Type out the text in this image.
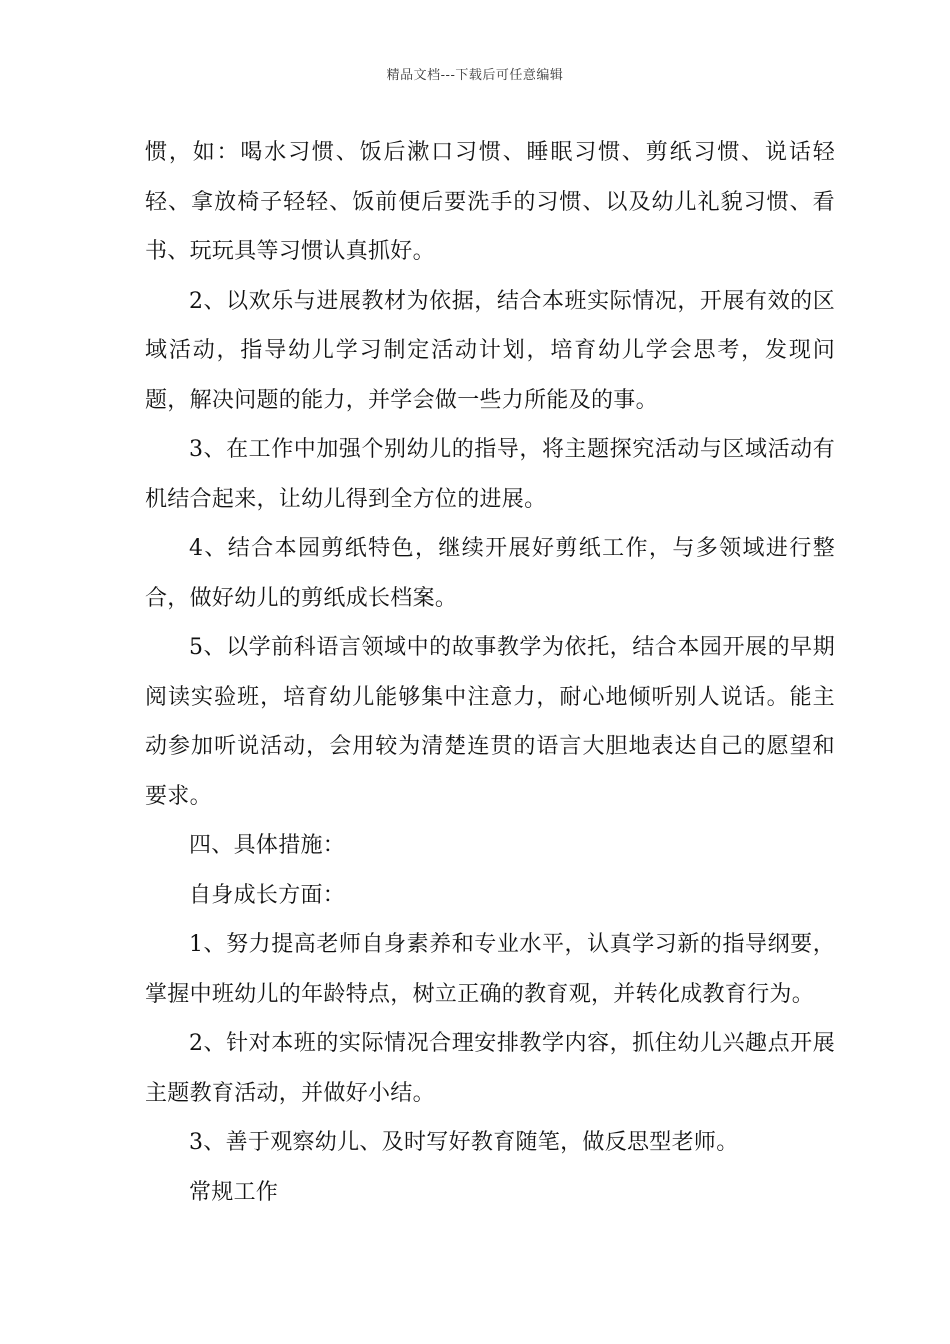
精品文档---下载后可任意编辑

惯，如：喝水习惯、饭后漱口习惯、睡眠习惯、剪纸习惯、说话轻轻、拿放椅子轻轻、饭前便后要洗手的习惯、以及幼儿礼貌习惯、看书、玩玩具等习惯认真抓好。

2、以欢乐与进展教材为依据，结合本班实际情况，开展有效的区域活动，指导幼儿学习制定活动计划，培育幼儿学会思考，发现问题，解决问题的能力，并学会做一些力所能及的事。

3、在工作中加强个别幼儿的指导，将主题探究活动与区域活动有机结合起来，让幼儿得到全方位的进展。

4、结合本园剪纸特色，继续开展好剪纸工作，与多领域进行整合，做好幼儿的剪纸成长档案。

5、以学前科语言领域中的故事教学为依托，结合本园开展的早期阅读实验班，培育幼儿能够集中注意力，耐心地倾听别人说话。能主动参加听说活动，会用较为清楚连贯的语言大胆地表达自己的愿望和要求。

四、具体措施：

自身成长方面：

1、努力提高老师自身素养和专业水平，认真学习新的指导纲要，掌握中班幼儿的年龄特点，树立正确的教育观，并转化成教育行为。

2、针对本班的实际情况合理安排教学内容，抓住幼儿兴趣点开展主题教育活动，并做好小结。

3、善于观察幼儿、及时写好教育随笔，做反思型老师。

常规工作
